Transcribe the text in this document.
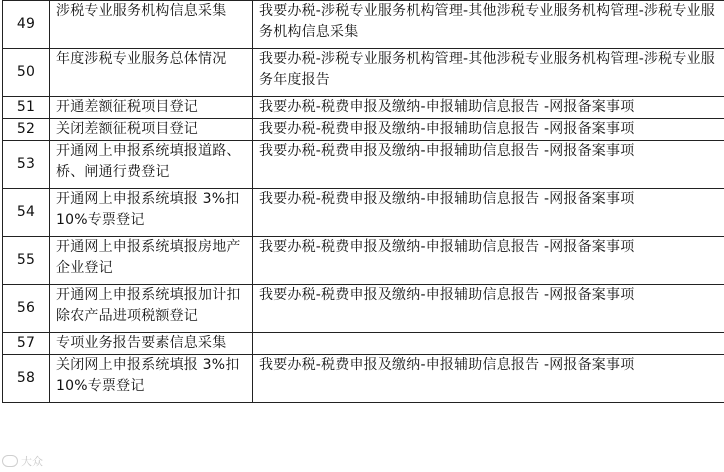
49	涉税专业服务机构信息采集	我要办税-涉税专业服务机构管理-其他涉税专业服务机构管理-涉税专业服务机构信息采集

50	年度涉税专业服务总体情况	我要办税-涉税专业服务机构管理-其他涉税专业服务机构管理-涉税专业服务年度报告

51	开通差额征税项目登记	我要办税-税费申报及缴纳-申报辅助信息报告 -网报备案事项

52	关闭差额征税项目登记	我要办税-税费申报及缴纳-申报辅助信息报告 -网报备案事项

53	开通网上申报系统填报道路、桥、闸通行费登记	我要办税-税费申报及缴纳-申报辅助信息报告 -网报备案事项

54	开通网上申报系统填报 3%扣 10%专票登记	我要办税-税费申报及缴纳-申报辅助信息报告 -网报备案事项

55	开通网上申报系统填报房地产企业登记	我要办税-税费申报及缴纳-申报辅助信息报告 -网报备案事项

56	开通网上申报系统填报加计扣除农产品进项税额登记	我要办税-税费申报及缴纳-申报辅助信息报告 -网报备案事项

57	专项业务报告要素信息采集	

58	关闭网上申报系统填报 3%扣 10%专票登记	我要办税-税费申报及缴纳-申报辅助信息报告 -网报备案事项
大众
